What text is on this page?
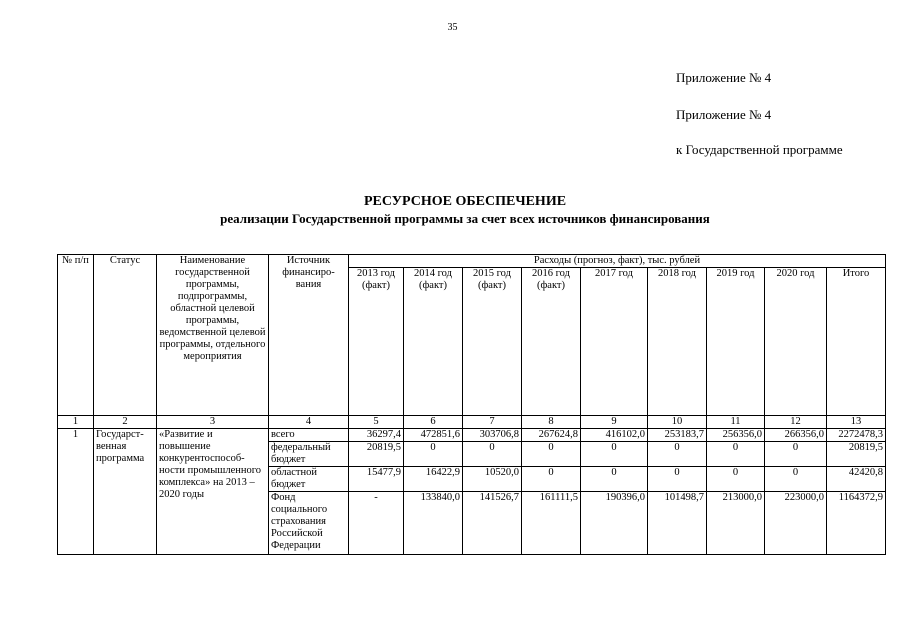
35
Приложение № 4
Приложение № 4
к Государственной программе
РЕСУРСНОЕ ОБЕСПЕЧЕНИЕ
реализации Государственной программы за счет всех источников финансирования
№ п/п	Статус	Наименование государственной программы, подпрограммы, областной целевой программы, ведомственной целевой программы, отдельного мероприятия	Источник финансиро-вания	Расходы (прогноз, факт), тыс. рублей								
				2013 год (факт)	2014 год (факт)	2015 год (факт)	2016 год (факт)	2017 год	2018 год	2019 год	2020 год	Итого
1	2	3	4	5	6	7	8	9	10	11	12	13
1	Государст-венная программа	«Развитие и повышение конкурентоспособ-ности промышленного комплекса» на 2013 – 2020 годы	всего	36297,4	472851,6	303706,8	267624,8	416102,0	253183,7	256356,0	266356,0	2272478,3
			федеральный бюджет	20819,5	0	0	0	0	0	0	0	20819,5
			областной бюджет	15477,9	16422,9	10520,0	0	0	0	0	0	42420,8
			Фонд социального страхования Российской Федерации	-	133840,0	141526,7	161111,5	190396,0	101498,7	213000,0	223000,0	1164372,9
